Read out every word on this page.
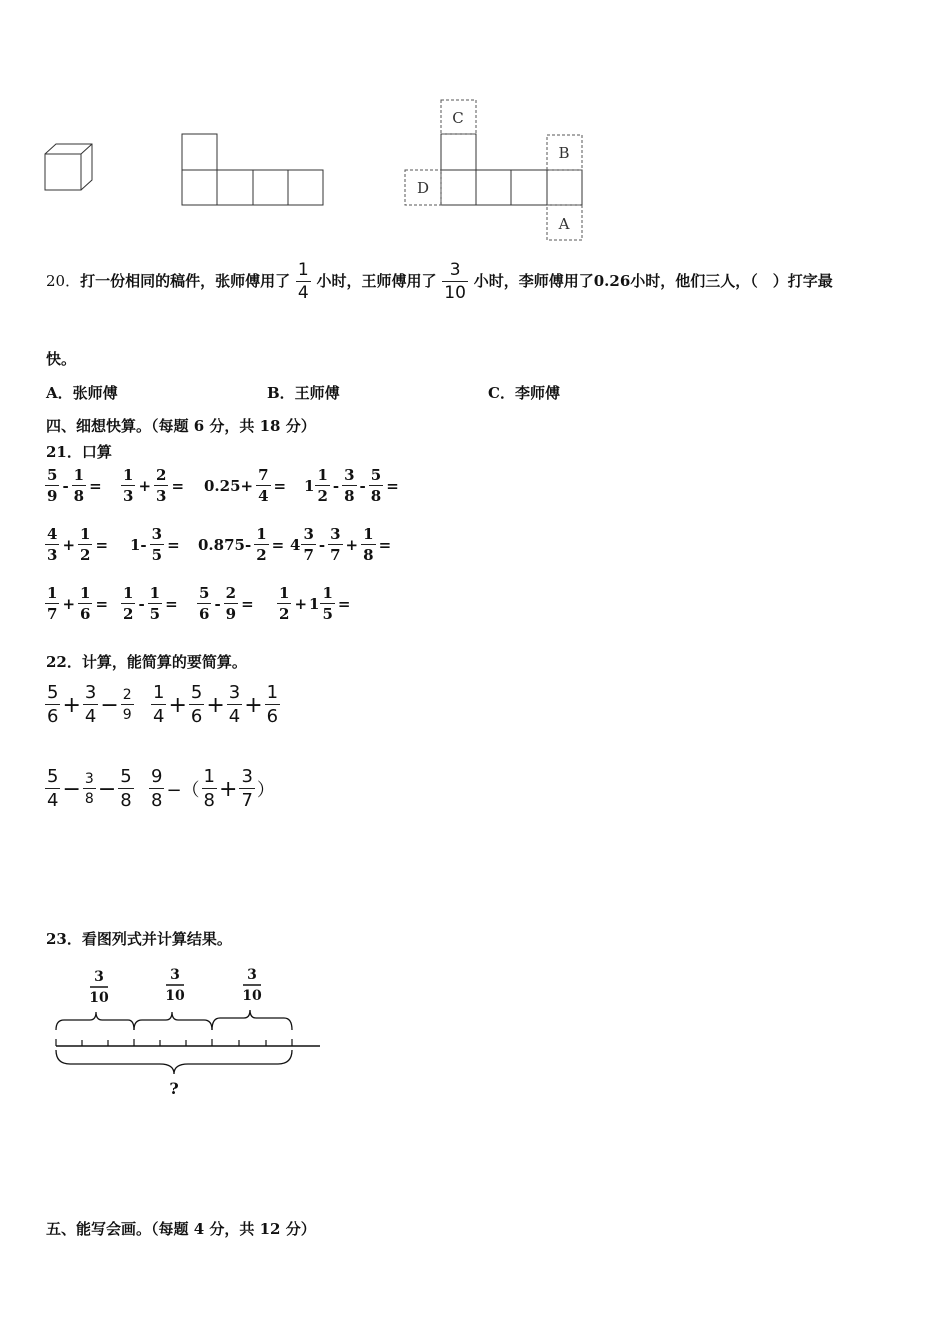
C
B
D
A
20．打一份相同的稿件，张师傅用了 $\frac{1}{4}$ 小时，王师傅用了 $\frac{3}{10}$ 小时，李师傅用了0.26小时，他们三人，（　）打字最
快。
A．张师傅	B．王师傅	C．李师傅
四、细想快算。（每题 6 分，共 18 分）
21．口算
$\frac{5}{9} - \frac{1}{8} = \frac{1}{3} + \frac{2}{3} = 0.25+ \frac{7}{4} = 1 \frac{1}{2} - \frac{3}{8} - \frac{5}{8}$ =
$\frac{4}{3} + \frac{1}{2} = 1- \frac{3}{5} = 0.875- \frac{1}{2} = 4 \frac{3}{7} - \frac{3}{7} + \frac{1}{8}$ =
$\frac{1}{7} + \frac{1}{6} = \frac{1}{2} - \frac{1}{5} = \frac{5}{6} - \frac{2}{9} = \frac{1}{2} + 1 \frac{1}{5}$ =
22．计算，能简算的要简算。
$\frac{5}{6} + \frac{3}{4} - \frac{2}{9} \frac{1}{4} + \frac{5}{6} + \frac{3}{4} + \frac{1}{6}$
$\frac{5}{4} - \frac{3}{8} - \frac{5}{8} \frac{9}{8}$ −（ $\frac{1}{8} + \frac{3}{7}$ ）
23．看图列式并计算结果。
3
10
3
10
3
10
?
五、能写会画。（每题 4 分，共 12 分）
